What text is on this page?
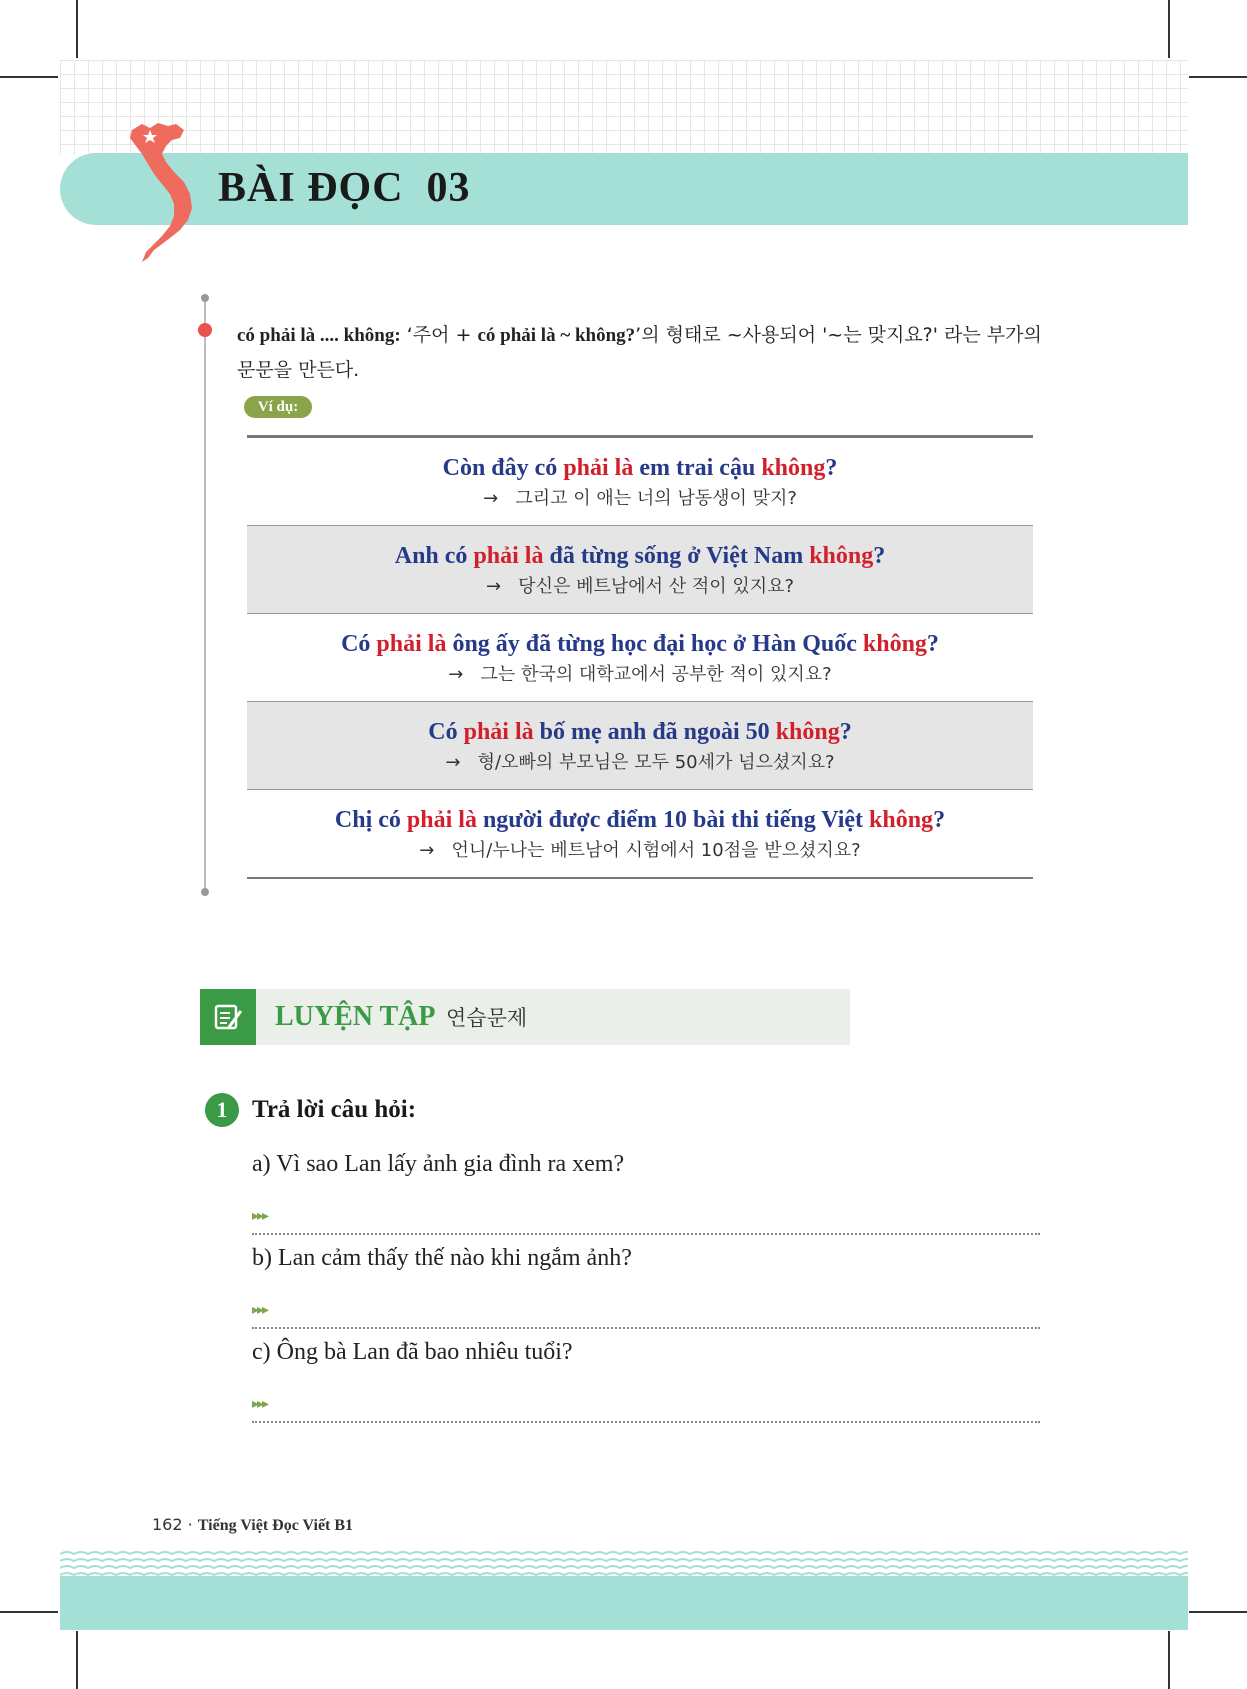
BÀI ĐỌC  03
có phải là .... không: ‘주어 + có phải là ~ không?’의 형태로 ~사용되어 '~는 맞지요?' 라는 부가의 문문을 만든다.
Ví dụ:
Còn đây có phải là em trai cậu không?
→   그리고 이 애는 너의 남동생이 맞지?
Anh có phải là đã từng sống ở Việt Nam không?
→   당신은 베트남에서 산 적이 있지요?
Có phải là ông ấy đã từng học đại học ở Hàn Quốc không?
→   그는 한국의 대학교에서 공부한 적이 있지요?
Có phải là bố mẹ anh đã ngoài 50 không?
→   형/오빠의 부모님은 모두 50세가 넘으셨지요?
Chị có phải là người được điểm 10 bài thi tiếng Việt không?
→   언니/누나는 베트남어 시험에서 10점을 받으셨지요?
LUYỆN TẬP 연습문제
1 Trả lời câu hỏi:
a) Vì sao Lan lấy ảnh gia đình ra xem?
▸▸▸
b) Lan cảm thấy thế nào khi ngắm ảnh?
▸▸▸
c) Ông bà Lan đã bao nhiêu tuổi?
▸▸▸
162 · Tiếng Việt Đọc Viết B1
